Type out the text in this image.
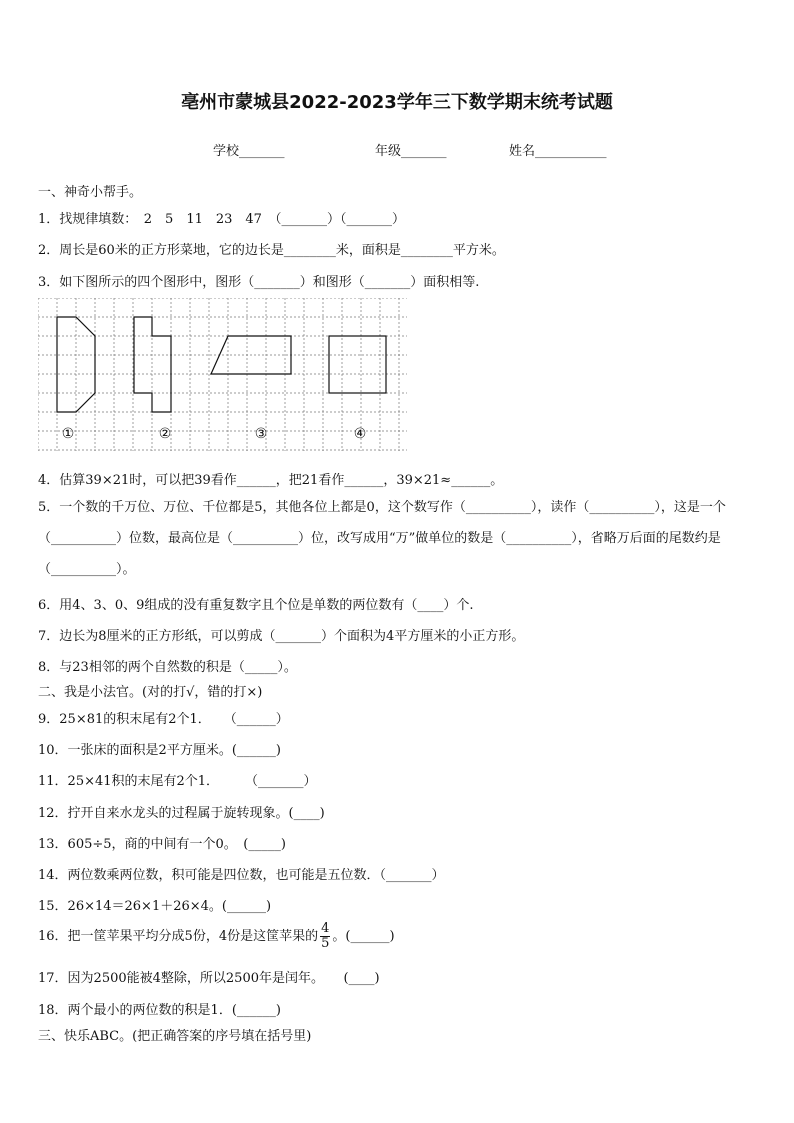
亳州市蒙城县2022-2023学年三下数学期末统考试题
学校_______	年级_______	姓名___________
一、神奇小帮手。
1．找规律填数：　2　5　11　23　47　（_______）（_______）
2．周长是60米的正方形菜地，它的边长是________米，面积是________平方米。
3．如下图所示的四个图形中，图形（_______）和图形（_______）面积相等.
①	②	③	④
4．估算39×21时，可以把39看作______，把21看作______，39×21≈______。
5．一个数的千万位、万位、千位都是5，其他各位上都是0，这个数写作（__________），读作（__________），这是一个（__________）位数，最高位是（__________）位，改写成用“万”做单位的数是（__________），省略万后面的尾数约是（__________）。
6．用4、3、0、9组成的没有重复数字且个位是单数的两位数有（____）个.
7．边长为8厘米的正方形纸，可以剪成（_______）个面积为4平方厘米的小正方形。
8．与23相邻的两个自然数的积是（_____）。
二、我是小法官。(对的打√，错的打×)
9．25×81的积末尾有2个1．　　（______）
10．一张床的面积是2平方厘米。(______)
11．25×41积的末尾有2个1．　　　（_______）
12．拧开自来水龙头的过程属于旋转现象。(____)
13．605÷5，商的中间有一个0。　(_____)
14．两位数乘两位数，积可能是四位数，也可能是五位数．（_______）
15．26×14＝26×1＋26×4。(______)
16．把一筐苹果平均分成5份，4份是这筐苹果的 $\frac{4}{5}$ 。(______)
17．因为2500能被4整除，所以2500年是闰年。　　(____)
18．两个最小的两位数的积是1．(______)
三、快乐ABC。(把正确答案的序号填在括号里)
